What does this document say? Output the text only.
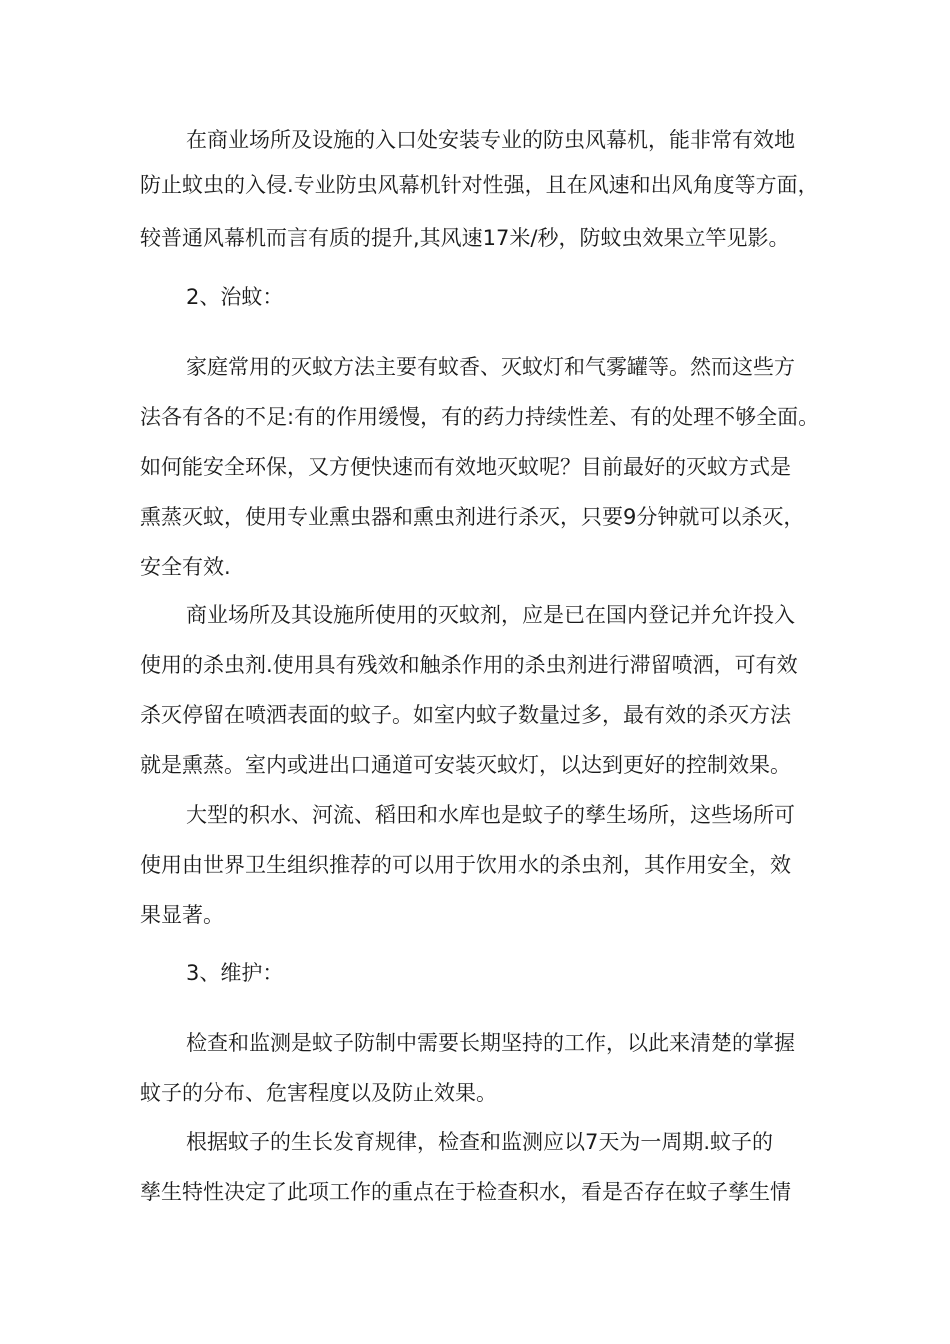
在商业场所及设施的入口处安装专业的防虫风幕机，能非常有效地
防止蚊虫的入侵.专业防虫风幕机针对性强，且在风速和出风角度等方面，
较普通风幕机而言有质的提升,其风速17米/秒，防蚊虫效果立竿见影。
2、治蚊：
家庭常用的灭蚊方法主要有蚊香、灭蚊灯和气雾罐等。然而这些方
法各有各的不足:有的作用缓慢，有的药力持续性差、有的处理不够全面。
如何能安全环保，又方便快速而有效地灭蚊呢？目前最好的灭蚊方式是
熏蒸灭蚊，使用专业熏虫器和熏虫剂进行杀灭，只要9分钟就可以杀灭，
安全有效.
商业场所及其设施所使用的灭蚊剂，应是已在国内登记并允许投入
使用的杀虫剂.使用具有残效和触杀作用的杀虫剂进行滞留喷洒，可有效
杀灭停留在喷洒表面的蚊子。如室内蚊子数量过多，最有效的杀灭方法
就是熏蒸。室内或进出口通道可安装灭蚊灯，以达到更好的控制效果。
大型的积水、河流、稻田和水库也是蚊子的孳生场所，这些场所可
使用由世界卫生组织推荐的可以用于饮用水的杀虫剂，其作用安全，效
果显著。
3、维护：
检查和监测是蚊子防制中需要长期坚持的工作，以此来清楚的掌握
蚊子的分布、危害程度以及防止效果。
根据蚊子的生长发育规律，检查和监测应以7天为一周期.蚊子的
孳生特性决定了此项工作的重点在于检查积水，看是否存在蚊子孳生情
